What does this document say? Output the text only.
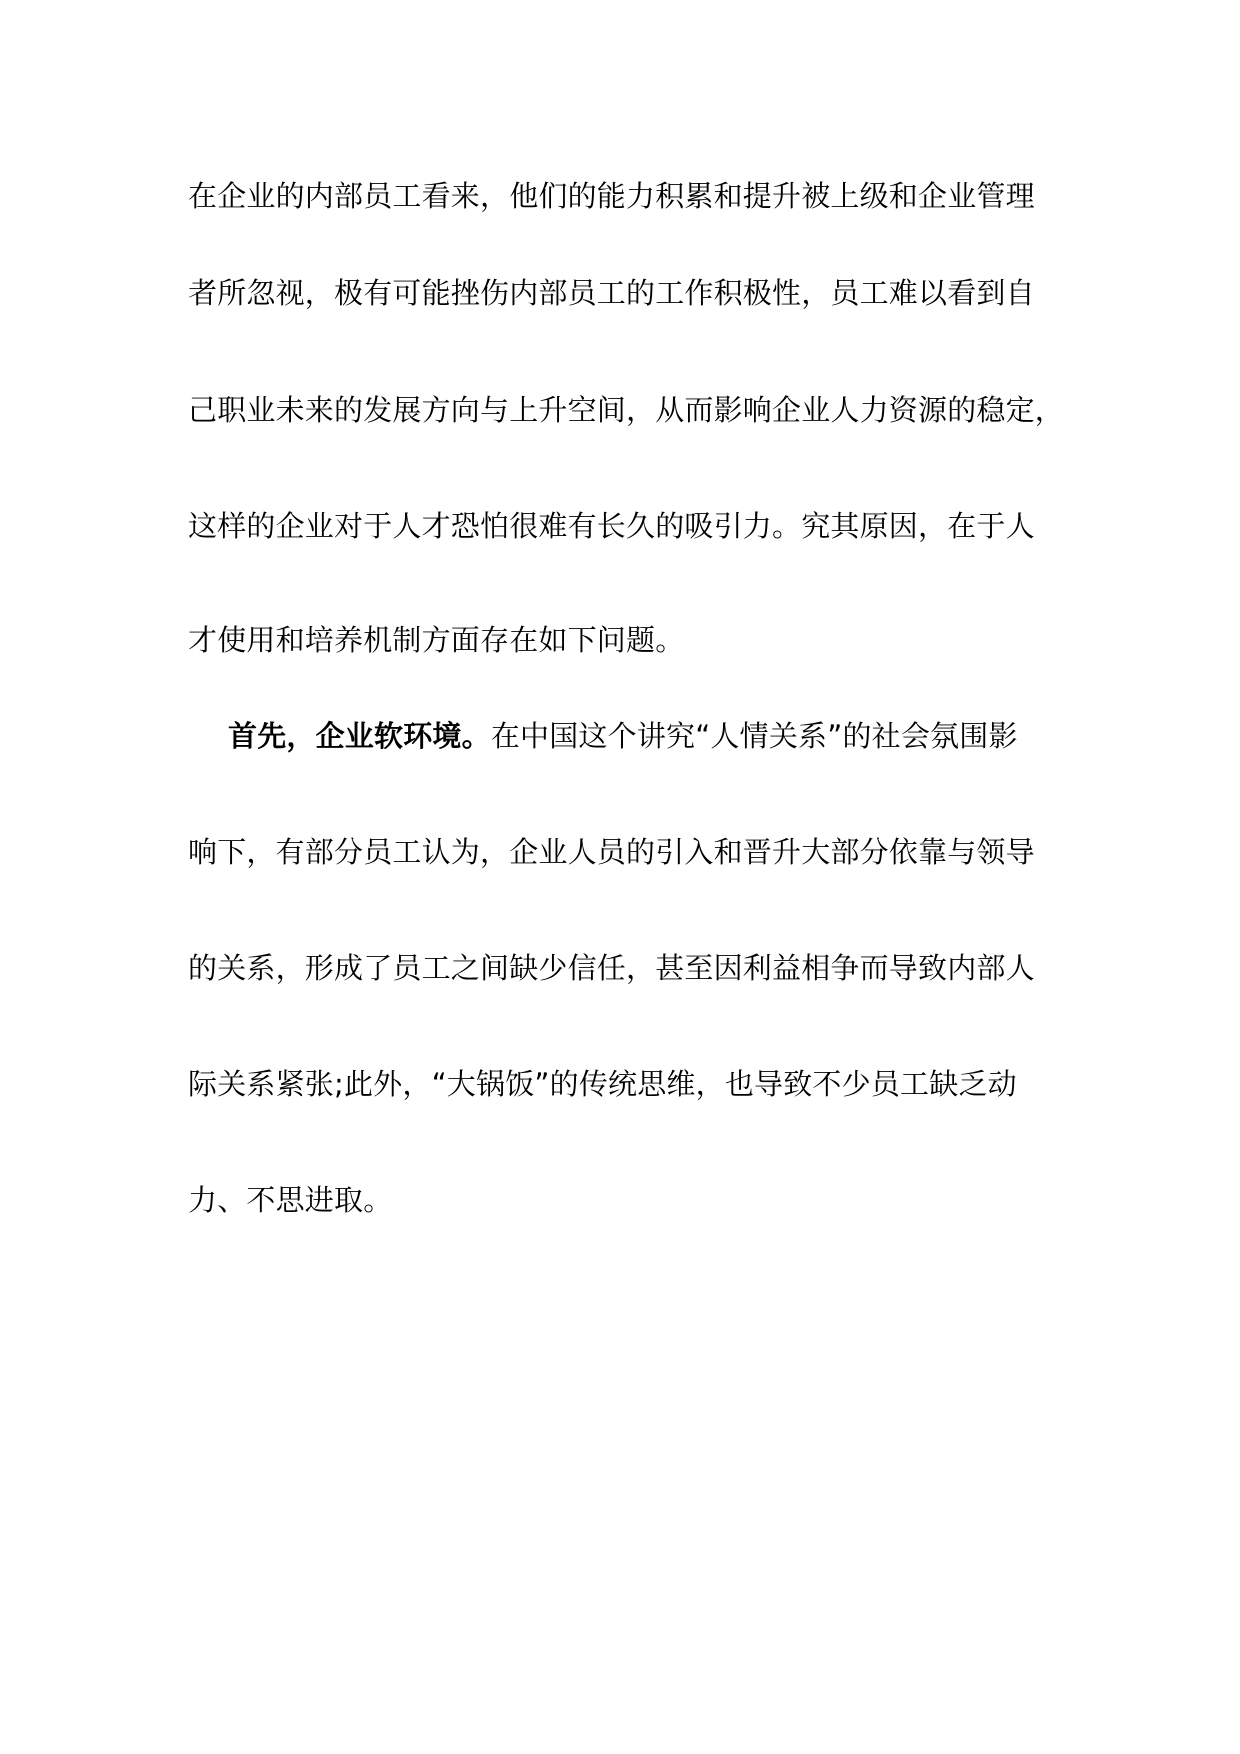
在企业的内部员工看来，他们的能力积累和提升被上级和企业管理
者所忽视，极有可能挫伤内部员工的工作积极性，员工难以看到自
己职业未来的发展方向与上升空间，从而影响企业人力资源的稳定，
这样的企业对于人才恐怕很难有长久的吸引力。究其原因，在于人
才使用和培养机制方面存在如下问题。
首先，企业软环境。在中国这个讲究“人情关系”的社会氛围影
响下，有部分员工认为，企业人员的引入和晋升大部分依靠与领导
的关系，形成了员工之间缺少信任，甚至因利益相争而导致内部人
际关系紧张;此外，“大锅饭”的传统思维，也导致不少员工缺乏动
力、不思进取。
